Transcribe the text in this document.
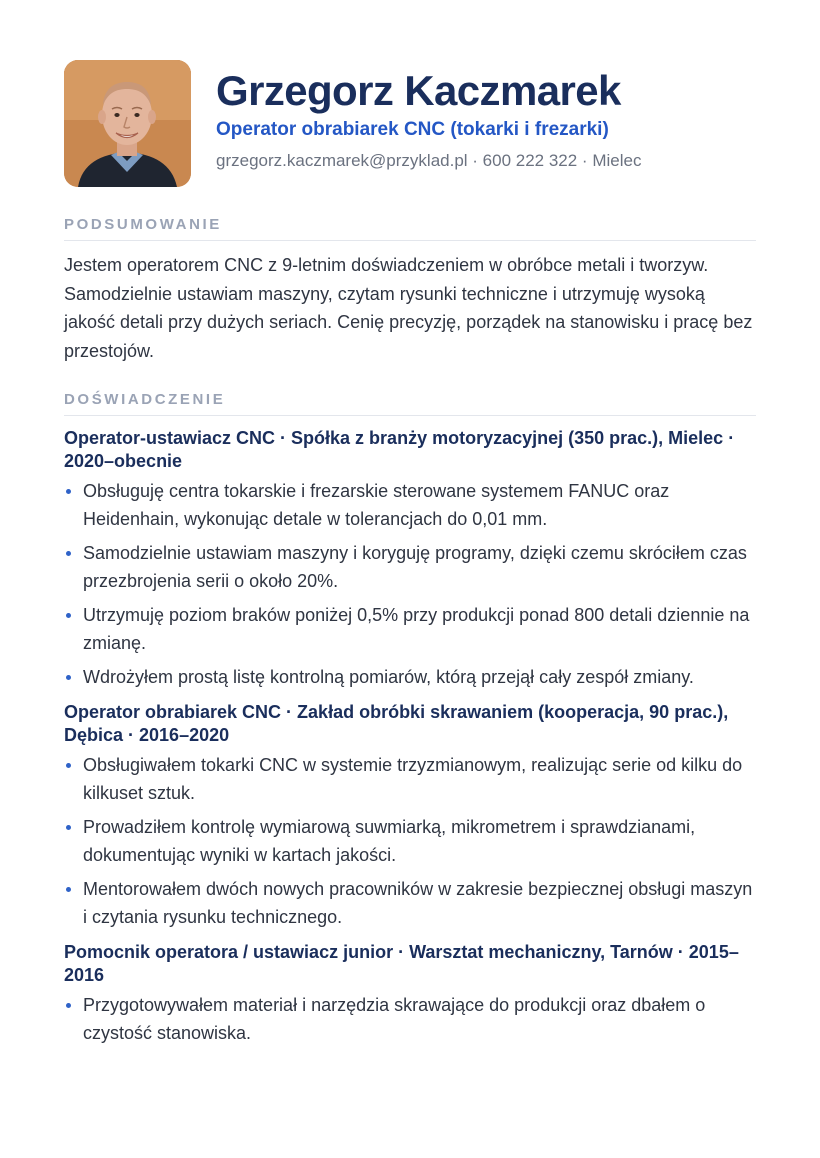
Grzegorz Kaczmarek
Operator obrabiarek CNC (tokarki i frezarki)
grzegorz.kaczmarek@przyklad.pl · 600 222 322 · Mielec
PODSUMOWANIE

Jestem operatorem CNC z 9-letnim doświadczeniem w obróbce metali i tworzyw. Samodzielnie ustawiam maszyny, czytam rysunki techniczne i utrzymuję wysoką jakość detali przy dużych seriach. Cenię precyzję, porządek na stanowisku i pracę bez przestojów.

DOŚWIADCZENIE
Operator-ustawiacz CNC · Spółka z branży motoryzacyjnej (350 prac.), Mielec · 2020–obecnie
Obsługuję centra tokarskie i frezarskie sterowane systemem FANUC oraz Heidenhain, wykonując detale w tolerancjach do 0,01 mm.
Samodzielnie ustawiam maszyny i koryguję programy, dzięki czemu skróciłem czas przezbrojenia serii o około 20%.
Utrzymuję poziom braków poniżej 0,5% przy produkcji ponad 800 detali dziennie na zmianę.
Wdrożyłem prostą listę kontrolną pomiarów, którą przejął cały zespół zmiany.
Operator obrabiarek CNC · Zakład obróbki skrawaniem (kooperacja, 90 prac.), Dębica · 2016–2020
Obsługiwałem tokarki CNC w systemie trzyzmianowym, realizując serie od kilku do kilkuset sztuk.
Prowadziłem kontrolę wymiarową suwmiarką, mikrometrem i sprawdzianami, dokumentując wyniki w kartach jakości.
Mentorowałem dwóch nowych pracowników w zakresie bezpiecznej obsługi maszyn i czytania rysunku technicznego.
Pomocnik operatora / ustawiacz junior · Warsztat mechaniczny, Tarnów · 2015–2016
Przygotowywałem materiał i narzędzia skrawające do produkcji oraz dbałem o czystość stanowiska.
